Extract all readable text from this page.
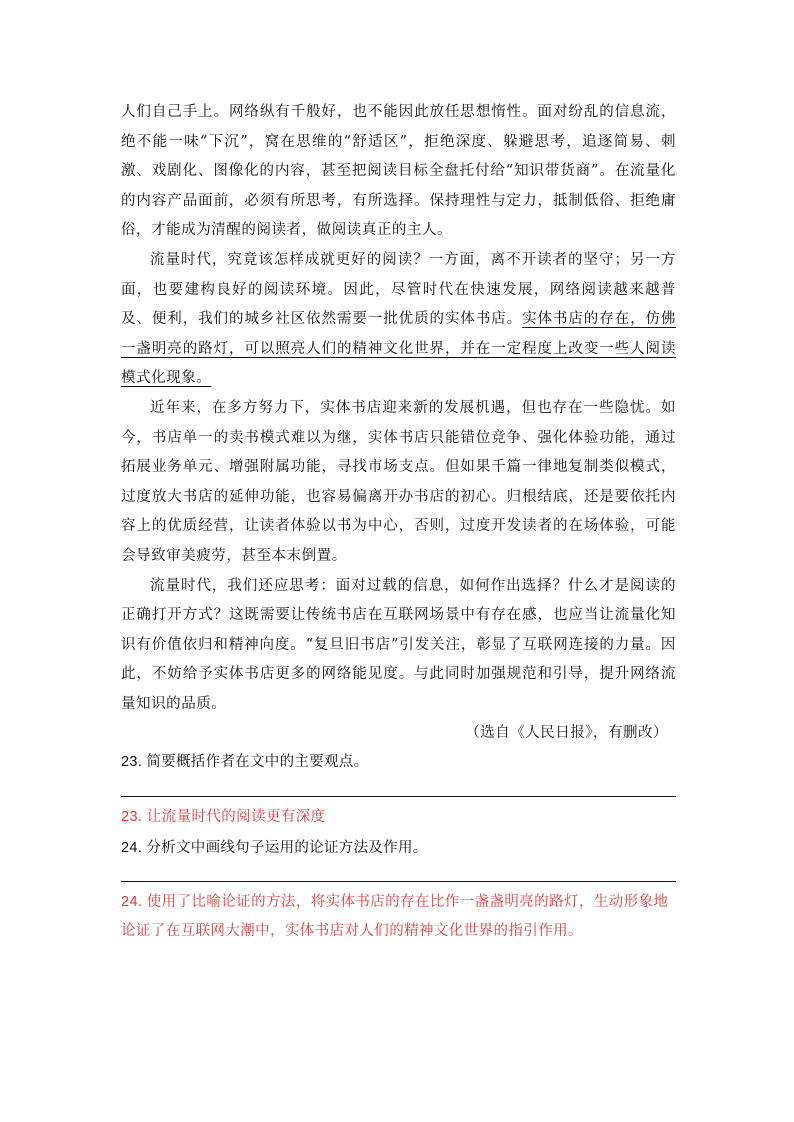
人们自己手上。网络纵有千般好，也不能因此放任思想惰性。面对纷乱的信息流，绝不能一味“下沉”，窝在思维的“舒适区”，拒绝深度、躲避思考，追逐简易、刺激、戏剧化、图像化的内容，甚至把阅读目标全盘托付给“知识带货商”。在流量化的内容产品面前，必须有所思考，有所选择。保持理性与定力，抵制低俗、拒绝庸俗，才能成为清醒的阅读者，做阅读真正的主人。

流量时代，究竟该怎样成就更好的阅读？一方面，离不开读者的坚守；另一方面，也要建构良好的阅读环境。因此，尽管时代在快速发展，网络阅读越来越普及、便利，我们的城乡社区依然需要一批优质的实体书店。实体书店的存在，仿佛一盏明亮的路灯，可以照亮人们的精神文化世界，并在一定程度上改变一些人阅读模式化现象。

近年来，在多方努力下，实体书店迎来新的发展机遇，但也存在一些隐忧。如今，书店单一的卖书模式难以为继，实体书店只能错位竞争、强化体验功能，通过拓展业务单元、增强附属功能，寻找市场支点。但如果千篇一律地复制类似模式，过度放大书店的延伸功能，也容易偏离开办书店的初心。归根结底，还是要依托内容上的优质经营，让读者体验以书为中心，否则，过度开发读者的在场体验，可能会导致审美疲劳，甚至本末倒置。

流量时代，我们还应思考：面对过载的信息，如何作出选择？什么才是阅读的正确打开方式？这既需要让传统书店在互联网场景中有存在感，也应当让流量化知识有价值依归和精神向度。“复旦旧书店”引发关注，彰显了互联网连接的力量。因此，不妨给予实体书店更多的网络能见度。与此同时加强规范和引导，提升网络流量知识的品质。

（选自《人民日报》，有删改）

23. 简要概括作者在文中的主要观点。

23. 让流量时代的阅读更有深度

24. 分析文中画线句子运用的论证方法及作用。

24. 使用了比喻论证的方法，将实体书店的存在比作一盏盏明亮的路灯，生动形象地论证了在互联网大潮中，实体书店对人们的精神文化世界的指引作用。
